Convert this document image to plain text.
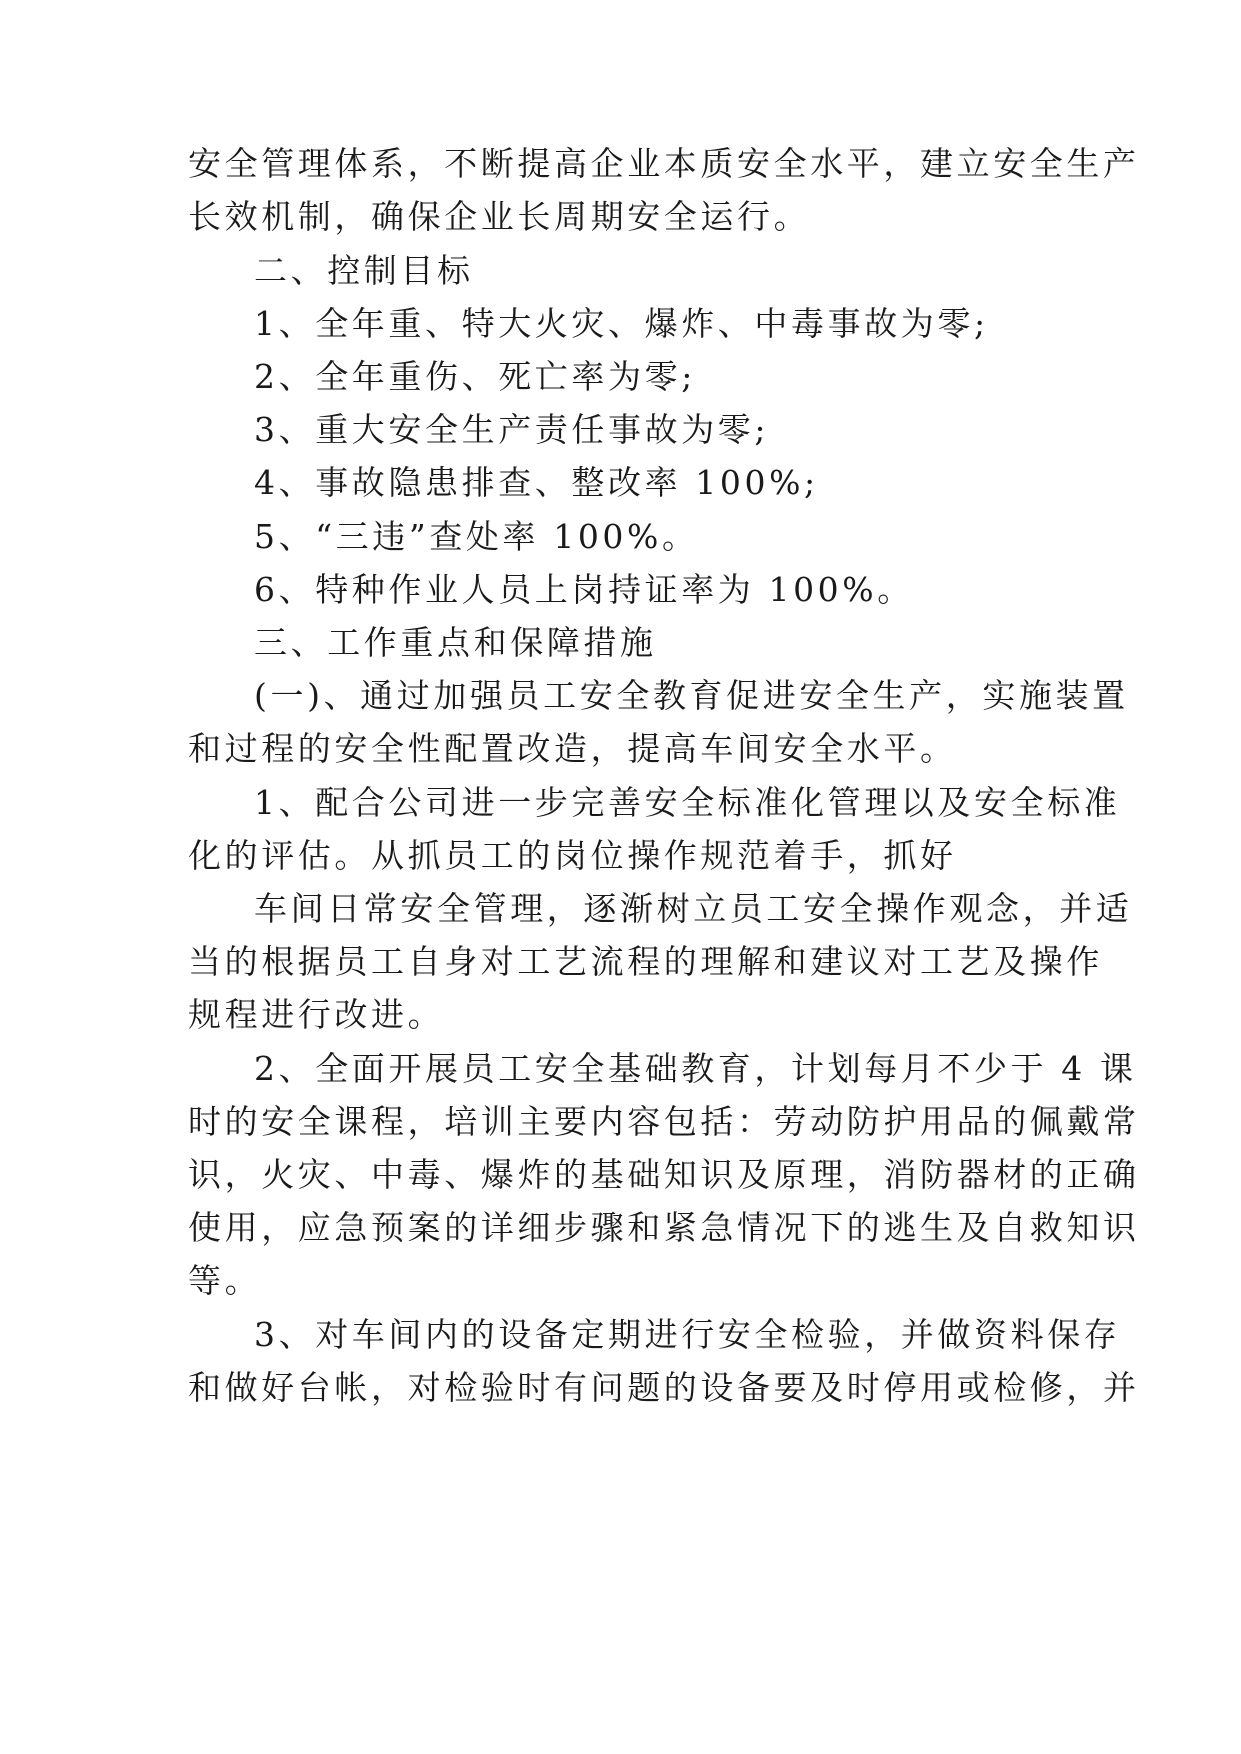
安全管理体系，不断提高企业本质安全水平，建立安全生产
长效机制，确保企业长周期安全运行。
二、控制目标
1、全年重、特大火灾、爆炸、中毒事故为零;
2、全年重伤、死亡率为零;
3、重大安全生产责任事故为零;
4、事故隐患排查、整改率 100%;
5、“三违”查处率 100%。
6、特种作业人员上岗持证率为 100%。
三、工作重点和保障措施
(一)、通过加强员工安全教育促进安全生产，实施装置
和过程的安全性配置改造，提高车间安全水平。
1、配合公司进一步完善安全标准化管理以及安全标准
化的评估。从抓员工的岗位操作规范着手，抓好
车间日常安全管理，逐渐树立员工安全操作观念，并适
当的根据员工自身对工艺流程的理解和建议对工艺及操作
规程进行改进。
2、全面开展员工安全基础教育，计划每月不少于 4 课
时的安全课程，培训主要内容包括：劳动防护用品的佩戴常
识，火灾、中毒、爆炸的基础知识及原理，消防器材的正确
使用，应急预案的详细步骤和紧急情况下的逃生及自救知识
等。
3、对车间内的设备定期进行安全检验，并做资料保存
和做好台帐，对检验时有问题的设备要及时停用或检修，并
